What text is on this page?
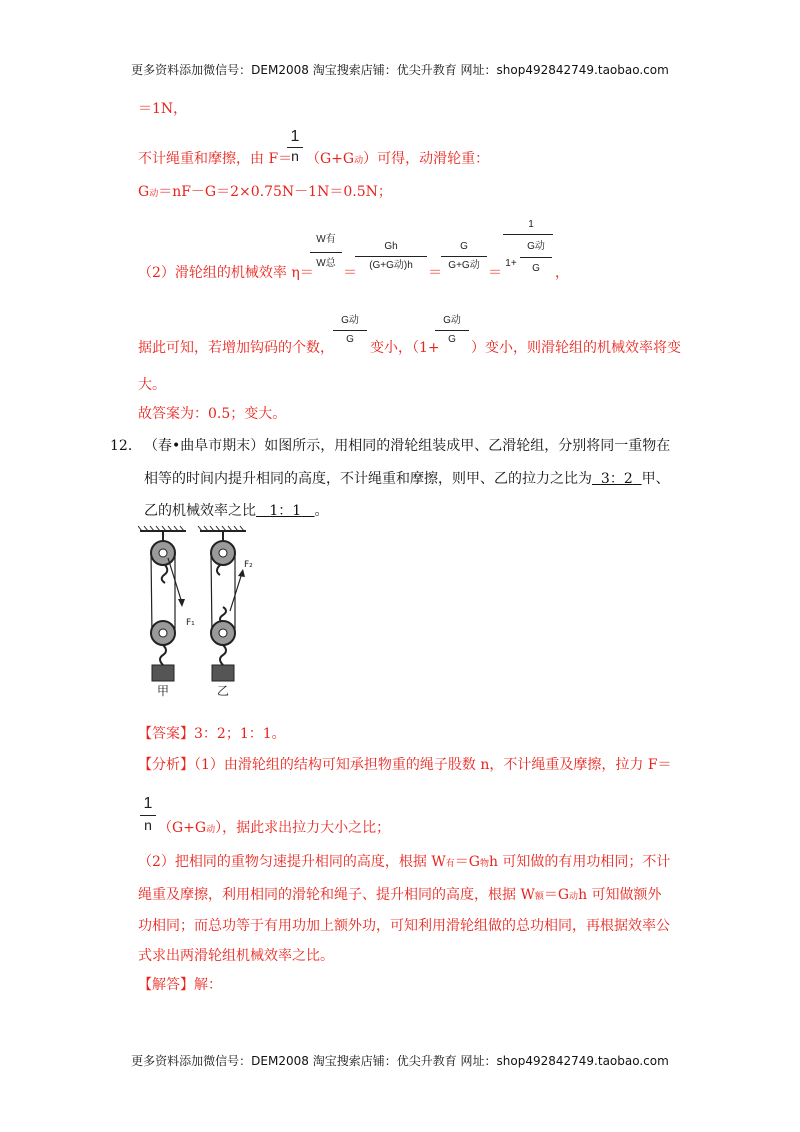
更多资料添加微信号：DEM2008 淘宝搜索店铺：优尖升教育 网址：shop492842749.taobao.com
＝1N，
不计绳重和摩擦，由 F＝
1
n （G+G动）可得，动滑轮重：
G动＝nF－G＝2×0.75N－1N＝0.5N；
（2）滑轮组的机械效率 η＝
W有
W总
＝
Gh
(G+G动)h	＝
G
G+G动 ＝
1
1+
G动
G	，
据此可知，若增加钩码的个数，
G动
G
变小，（1+
G动
G
）变小，则滑轮组的机械效率将变
大。
故答案为：0.5；变大。
12． （春•曲阜市期末）如图所示，用相同的滑轮组装成甲、乙滑轮组，分别将同一重物在
相等的时间内提升相同的高度，不计绳重和摩擦，则甲、乙的拉力之比为 3：2 甲、
乙的机械效率之比 1：1 。
F₁
甲
F₂
乙
【答案】3：2；1：1。
【分析】（1）由滑轮组的结构可知承担物重的绳子股数 n，不计绳重及摩擦，拉力 F＝
1
n （G+G动），据此求出拉力大小之比；
（2）把相同的重物匀速提升相同的高度，根据 W有＝G物h 可知做的有用功相同；不计
绳重及摩擦，利用相同的滑轮和绳子、提升相同的高度，根据 W额＝G动h 可知做额外
功相同；而总功等于有用功加上额外功，可知利用滑轮组做的总功相同，再根据效率公
式求出两滑轮组机械效率之比。
【解答】解：
更多资料添加微信号：DEM2008 淘宝搜索店铺：优尖升教育 网址：shop492842749.taobao.com
